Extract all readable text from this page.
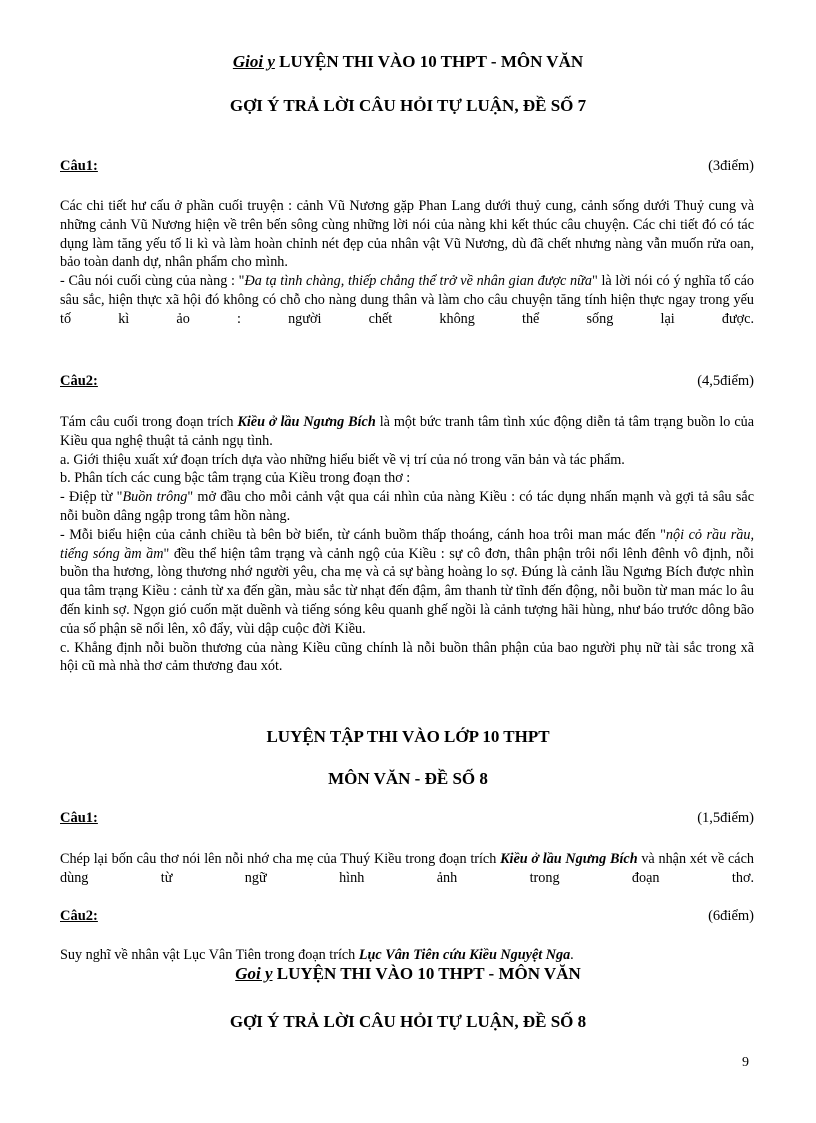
Gioi y LUYỆN THI VÀO 10 THPT - MÔN VĂN
GỢI Ý TRẢ LỜI CÂU HỎI TỰ LUẬN, ĐỀ SỐ 7
Câu1:	(3điểm)

Các chi tiết hư cấu ở phần cuối truyện : cảnh Vũ Nương gặp Phan Lang dưới thuỷ cung, cảnh sống dưới Thuỷ cung và những cảnh Vũ Nương hiện về trên bến sông cùng những lời nói của nàng khi kết thúc câu chuyện. Các chi tiết đó có tác dụng làm tăng yếu tố li kì và làm hoàn chỉnh nét đẹp của nhân vật Vũ Nương, dù đã chết nhưng nàng vẫn muốn rửa oan, bảo toàn danh dự, nhân phẩm cho mình.

- Câu nói cuối cùng của nàng : "Đa tạ tình chàng, thiếp chẳng thể trở về nhân gian được nữa" là lời nói có ý nghĩa tố cáo sâu sắc, hiện thực xã hội đó không có chỗ cho nàng dung thân và làm cho câu chuyện tăng tính hiện thực ngay trong yếu tố kì ảo : người chết không thể sống lại được.

Câu2:	(4,5điểm)

Tám câu cuối trong đoạn trích Kiều ở lầu Ngưng Bích là một bức tranh tâm tình xúc động diễn tả tâm trạng buồn lo của Kiều qua nghệ thuật tả cảnh ngụ tình.

a. Giới thiệu xuất xứ đoạn trích dựa vào những hiểu biết về vị trí của nó trong văn bản và tác phẩm.

b. Phân tích các cung bậc tâm trạng của Kiều trong đoạn thơ :

- Điệp từ "Buồn trông" mở đầu cho mỗi cảnh vật qua cái nhìn của nàng Kiều : có tác dụng nhấn mạnh và gợi tả sâu sắc nỗi buồn dâng ngập trong tâm hồn nàng.

- Mỗi biểu hiện của cảnh chiều tà bên bờ biển, từ cánh buồm thấp thoáng, cánh hoa trôi man mác đến "nội cỏ rầu rầu, tiếng sóng ầm ầm" đều thể hiện tâm trạng và cảnh ngộ của Kiều : sự cô đơn, thân phận trôi nổi lênh đênh vô định, nỗi buồn tha hương, lòng thương nhớ người yêu, cha mẹ và cả sự bàng hoàng lo sợ. Đúng là cảnh lầu Ngưng Bích được nhìn qua tâm trạng Kiều : cảnh từ xa đến gần, màu sắc từ nhạt đến đậm, âm thanh từ tĩnh đến động, nỗi buồn từ man mác lo âu đến kinh sợ. Ngọn gió cuốn mặt duềnh và tiếng sóng kêu quanh ghế ngồi là cảnh tượng hãi hùng, như báo trước dông bão của số phận sẽ nổi lên, xô đẩy, vùi dập cuộc đời Kiều.

c. Khẳng định nỗi buồn thương của nàng Kiều cũng chính là nỗi buồn thân phận của bao người phụ nữ tài sắc trong xã hội cũ mà nhà thơ cảm thương đau xót.

LUYỆN TẬP THI VÀO LỚP 10 THPT
MÔN VĂN - ĐỀ SỐ 8
Câu1:	(1,5điểm)

Chép lại bốn câu thơ nói lên nỗi nhớ cha mẹ của Thuý Kiều trong đoạn trích Kiều ở lầu Ngưng Bích và nhận xét về cách dùng từ ngữ hình ảnh trong đoạn thơ.

Câu2:	(6điểm)

Suy nghĩ về nhân vật Lục Vân Tiên trong đoạn trích Lục Vân Tiên cứu Kiều Nguyệt Nga.

Goi y LUYỆN THI VÀO 10 THPT - MÔN VĂN
GỢI Ý TRẢ LỜI CÂU HỎI TỰ LUẬN, ĐỀ SỐ 8
9
